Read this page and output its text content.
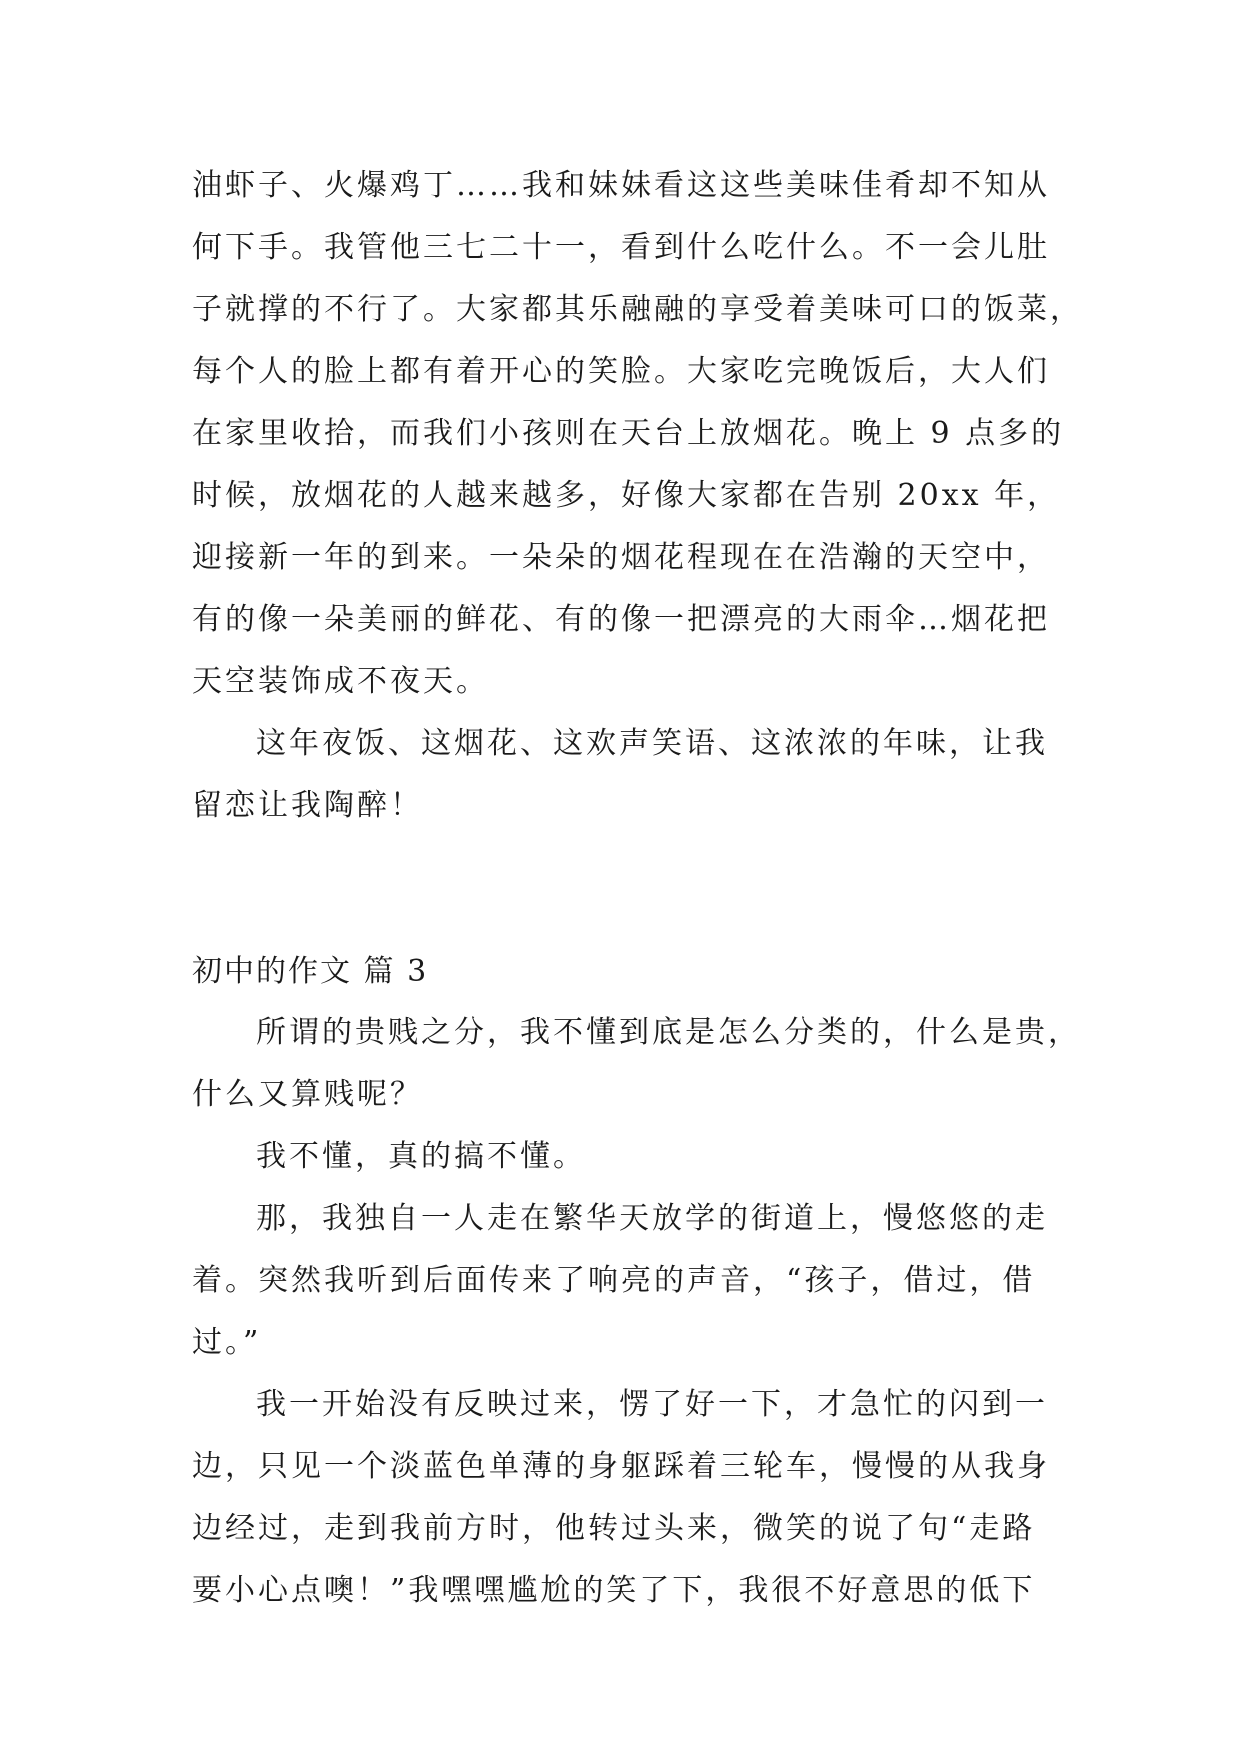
油虾子、火爆鸡丁……我和妹妹看这这些美味佳肴却不知从
何下手。我管他三七二十一，看到什么吃什么。不一会儿肚
子就撑的不行了。大家都其乐融融的享受着美味可口的饭菜，
每个人的脸上都有着开心的笑脸。大家吃完晚饭后，大人们
在家里收拾，而我们小孩则在天台上放烟花。晚上 9 点多的
时候，放烟花的人越来越多，好像大家都在告别 20xx 年，
迎接新一年的到来。一朵朵的烟花程现在在浩瀚的天空中，
有的像一朵美丽的鲜花、有的像一把漂亮的大雨伞…烟花把
天空装饰成不夜天。
这年夜饭、这烟花、这欢声笑语、这浓浓的年味，让我
留恋让我陶醉！
初中的作文 篇 3
所谓的贵贱之分，我不懂到底是怎么分类的，什么是贵，
什么又算贱呢？
我不懂，真的搞不懂。
那，我独自一人走在繁华天放学的街道上，慢悠悠的走
着。突然我听到后面传来了响亮的声音，“孩子，借过，借
过。”
我一开始没有反映过来，愣了好一下，才急忙的闪到一
边，只见一个淡蓝色单薄的身躯踩着三轮车，慢慢的从我身
边经过，走到我前方时，他转过头来，微笑的说了句“走路
要小心点噢！”我嘿嘿尴尬的笑了下，我很不好意思的低下
